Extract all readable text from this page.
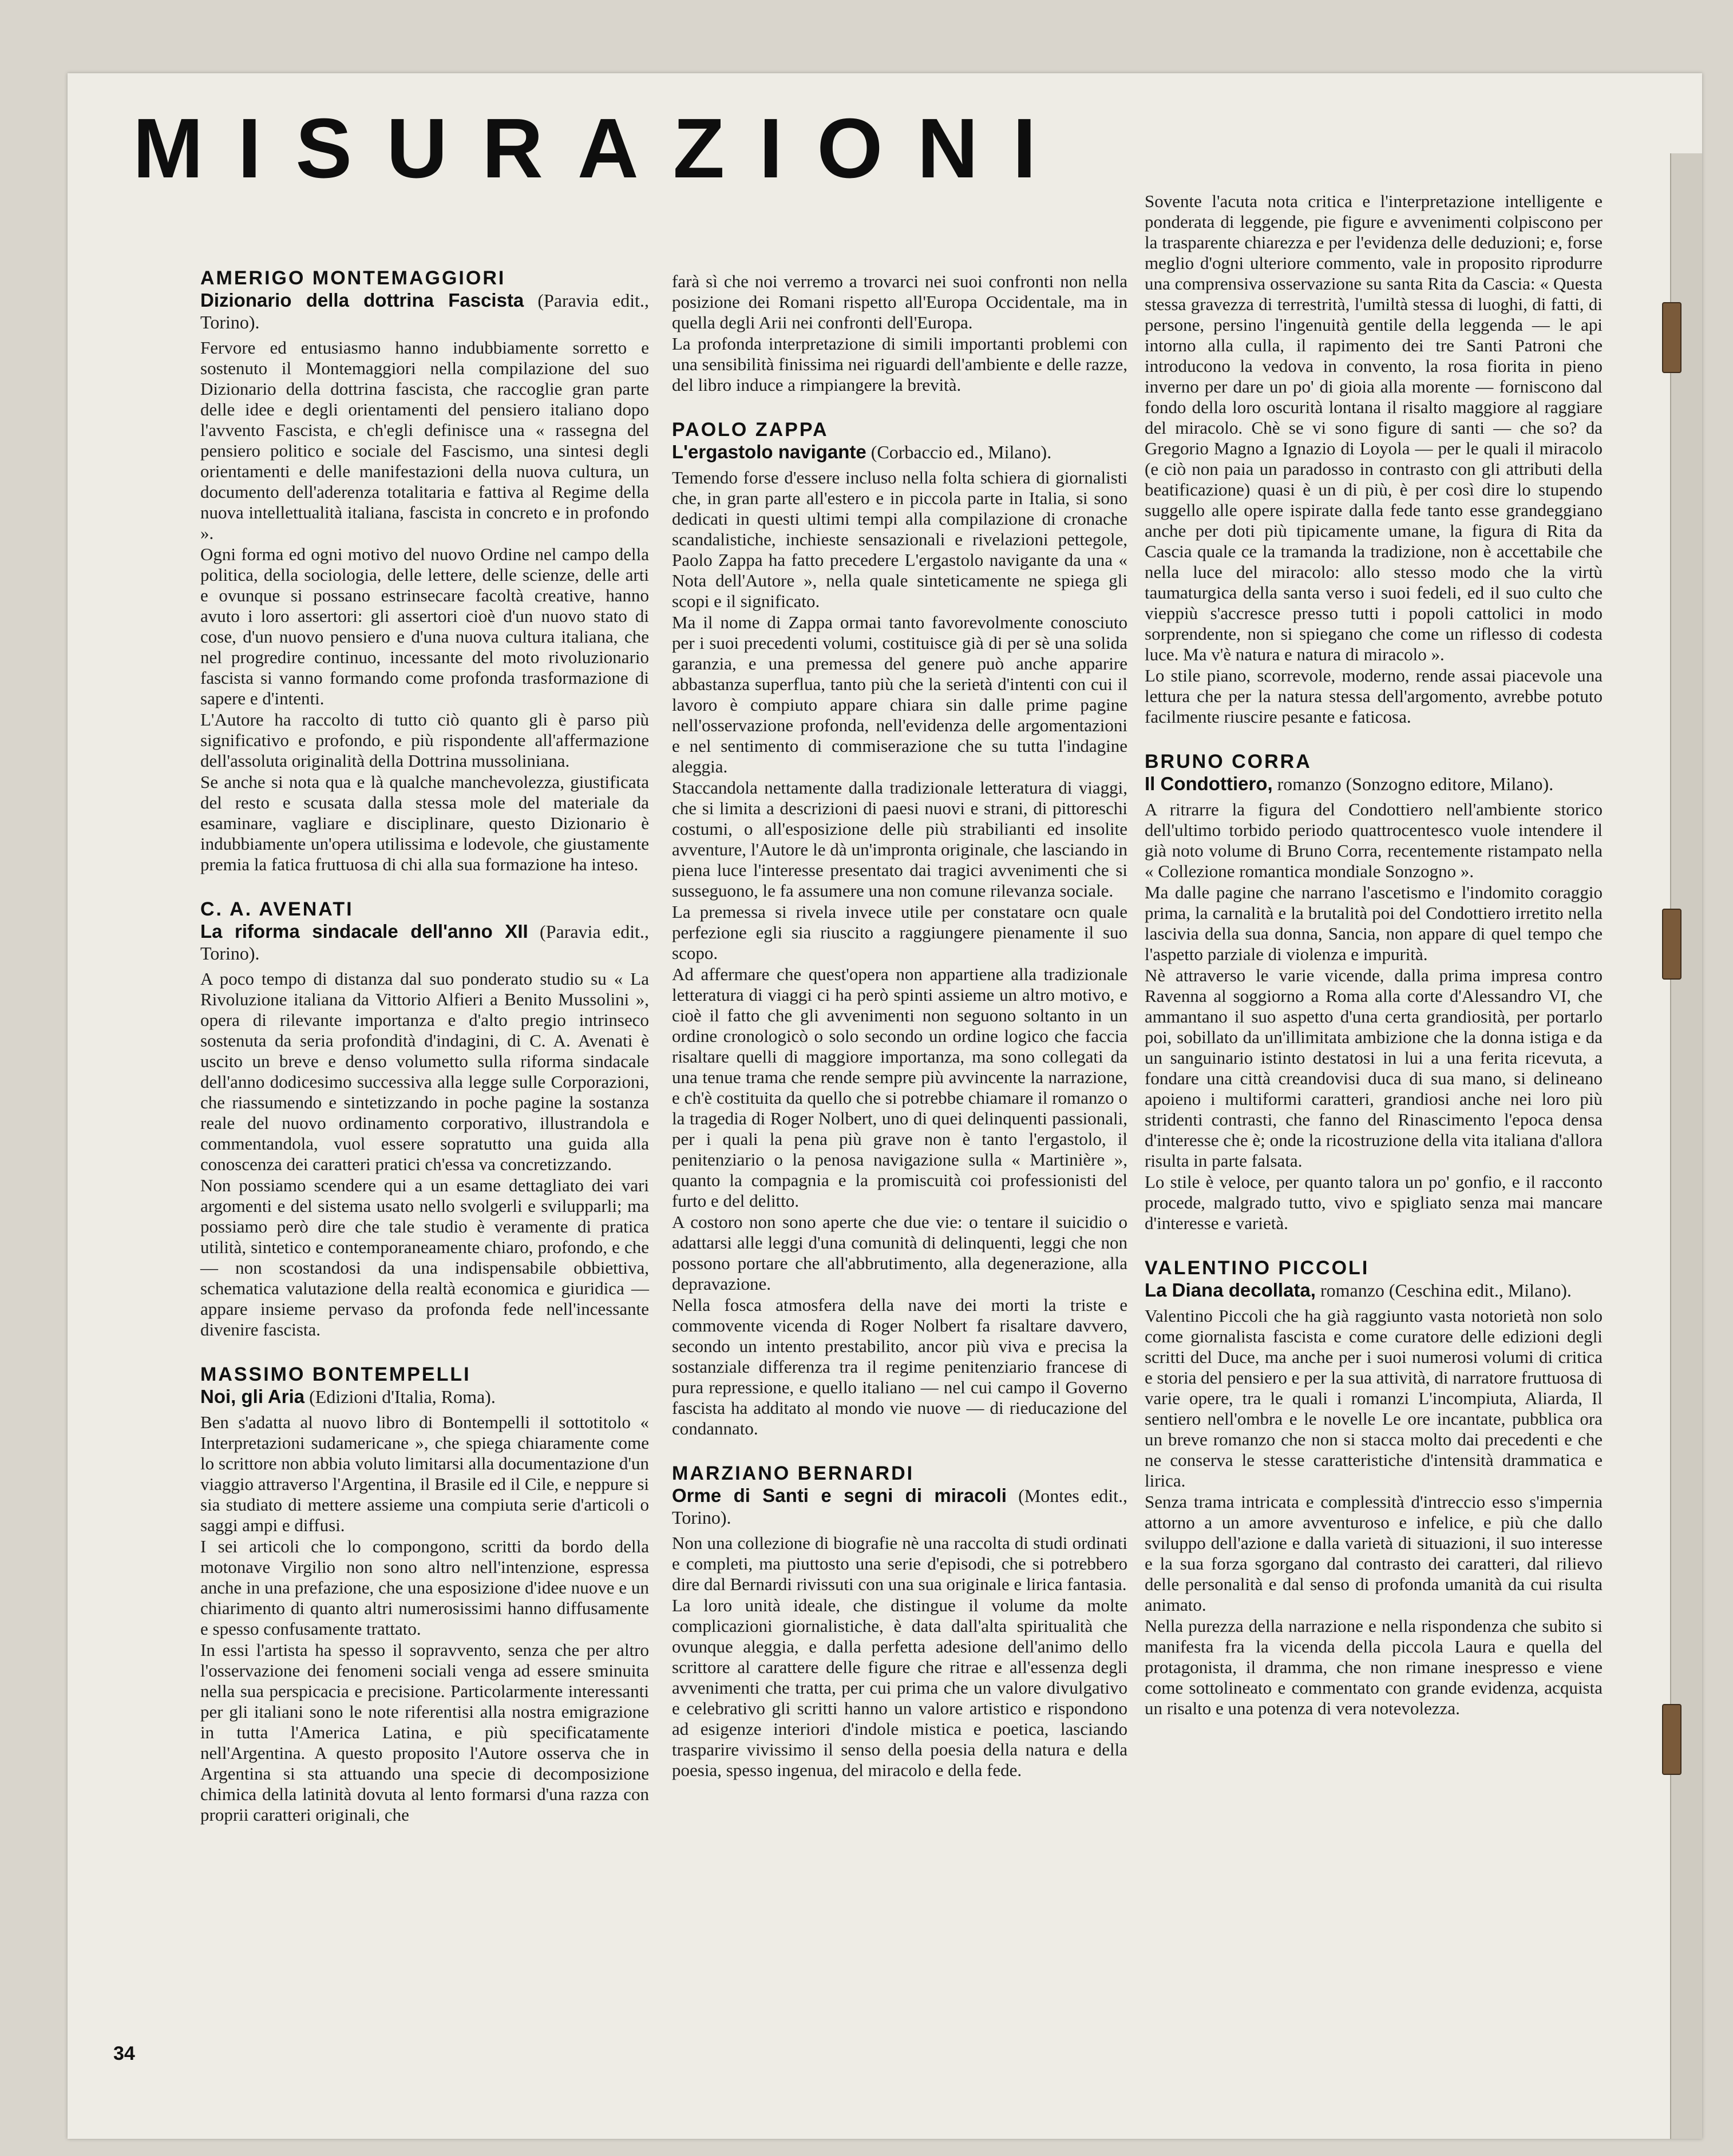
MISURAZIONI
AMERIGO MONTEMAGGIORI
Dizionario della dottrina Fascista (Paravia edit., Torino).

Fervore ed entusiasmo hanno indubbiamente sorretto e sostenuto il Montemaggiori nella compilazione del suo Dizionario della dottrina fascista, che raccoglie gran parte delle idee e degli orientamenti del pensiero italiano dopo l'avvento Fascista, e ch'egli definisce una « rassegna del pensiero politico e sociale del Fascismo, una sintesi degli orientamenti e delle manifestazioni della nuova cultura, un documento dell'aderenza totalitaria e fattiva al Regime della nuova intellettualità italiana, fascista in concreto e in profondo ».

Ogni forma ed ogni motivo del nuovo Ordine nel campo della politica, della sociologia, delle lettere, delle scienze, delle arti e ovunque si possano estrinsecare facoltà creative, hanno avuto i loro assertori: gli assertori cioè d'un nuovo stato di cose, d'un nuovo pensiero e d'una nuova cultura italiana, che nel progredire continuo, incessante del moto rivoluzionario fascista si vanno formando come profonda trasformazione di sapere e d'intenti.

L'Autore ha raccolto di tutto ciò quanto gli è parso più significativo e profondo, e più rispondente all'affermazione dell'assoluta originalità della Dottrina mussoliniana.

Se anche si nota qua e là qualche manchevolezza, giustificata del resto e scusata dalla stessa mole del materiale da esaminare, vagliare e disciplinare, questo Dizionario è indubbiamente un'opera utilissima e lodevole, che giustamente premia la fatica fruttuosa di chi alla sua formazione ha inteso.

C. A. AVENATI
La riforma sindacale dell'anno XII (Paravia edit., Torino).

A poco tempo di distanza dal suo ponderato studio su « La Rivoluzione italiana da Vittorio Alfieri a Benito Mussolini », opera di rilevante importanza e d'alto pregio intrinseco sostenuta da seria profondità d'indagini, di C. A. Avenati è uscito un breve e denso volumetto sulla riforma sindacale dell'anno dodicesimo successiva alla legge sulle Corporazioni, che riassumendo e sintetizzando in poche pagine la sostanza reale del nuovo ordinamento corporativo, illustrandola e commentandola, vuol essere sopratutto una guida alla conoscenza dei caratteri pratici ch'essa va concretizzando.

Non possiamo scendere qui a un esame dettagliato dei vari argomenti e del sistema usato nello svolgerli e svilupparli; ma possiamo però dire che tale studio è veramente di pratica utilità, sintetico e contemporaneamente chiaro, profondo, e che — non scostandosi da una indispensabile obbiettiva, schematica valutazione della realtà economica e giuridica — appare insieme pervaso da profonda fede nell'incessante divenire fascista.

MASSIMO BONTEMPELLI
Noi, gli Aria (Edizioni d'Italia, Roma).

Ben s'adatta al nuovo libro di Bontempelli il sottotitolo « Interpretazioni sudamericane », che spiega chiaramente come lo scrittore non abbia voluto limitarsi alla documentazione d'un viaggio attraverso l'Argentina, il Brasile ed il Cile, e neppure si sia studiato di mettere assieme una compiuta serie d'articoli o saggi ampi e diffusi.

I sei articoli che lo compongono, scritti da bordo della motonave Virgilio non sono altro nell'intenzione, espressa anche in una prefazione, che una esposizione d'idee nuove e un chiarimento di quanto altri numerosissimi hanno diffusamente e spesso confusamente trattato.

In essi l'artista ha spesso il sopravvento, senza che per altro l'osservazione dei fenomeni sociali venga ad essere sminuita nella sua perspicacia e precisione. Particolarmente interessanti per gli italiani sono le note riferentisi alla nostra emigrazione in tutta l'America Latina, e più specificatamente nell'Argentina. A questo proposito l'Autore osserva che in Argentina si sta attuando una specie di decomposizione chimica della latinità dovuta al lento formarsi d'una razza con proprii caratteri originali, che

farà sì che noi verremo a trovarci nei suoi confronti non nella posizione dei Romani rispetto all'Europa Occidentale, ma in quella degli Arii nei confronti dell'Europa.

La profonda interpretazione di simili importanti problemi con una sensibilità finissima nei riguardi dell'ambiente e delle razze, del libro induce a rimpiangere la brevità.

PAOLO ZAPPA
L'ergastolo navigante (Corbaccio ed., Milano).

Temendo forse d'essere incluso nella folta schiera di giornalisti che, in gran parte all'estero e in piccola parte in Italia, si sono dedicati in questi ultimi tempi alla compilazione di cronache scandalistiche, inchieste sensazionali e rivelazioni pettegole, Paolo Zappa ha fatto precedere L'ergastolo navigante da una « Nota dell'Autore », nella quale sinteticamente ne spiega gli scopi e il significato.

Ma il nome di Zappa ormai tanto favorevolmente conosciuto per i suoi precedenti volumi, costituisce già di per sè una solida garanzia, e una premessa del genere può anche apparire abbastanza superflua, tanto più che la serietà d'intenti con cui il lavoro è compiuto appare chiara sin dalle prime pagine nell'osservazione profonda, nell'evidenza delle argomentazioni e nel sentimento di commiserazione che su tutta l'indagine aleggia.

Staccandola nettamente dalla tradizionale letteratura di viaggi, che si limita a descrizioni di paesi nuovi e strani, di pittoreschi costumi, o all'esposizione delle più strabilianti ed insolite avventure, l'Autore le dà un'impronta originale, che lasciando in piena luce l'interesse presentato dai tragici avvenimenti che si susseguono, le fa assumere una non comune rilevanza sociale.

La premessa si rivela invece utile per constatare ocn quale perfezione egli sia riuscito a raggiungere pienamente il suo scopo.

Ad affermare che quest'opera non appartiene alla tradizionale letteratura di viaggi ci ha però spinti assieme un altro motivo, e cioè il fatto che gli avvenimenti non seguono soltanto in un ordine cronologicò o solo secondo un ordine logico che faccia risaltare quelli di maggiore importanza, ma sono collegati da una tenue trama che rende sempre più avvincente la narrazione, e ch'è costituita da quello che si potrebbe chiamare il romanzo o la tragedia di Roger Nolbert, uno di quei delinquenti passionali, per i quali la pena più grave non è tanto l'ergastolo, il penitenziario o la penosa navigazione sulla « Martinière », quanto la compagnia e la promiscuità coi professionisti del furto e del delitto.

A costoro non sono aperte che due vie: o tentare il suicidio o adattarsi alle leggi d'una comunità di delinquenti, leggi che non possono portare che all'abbrutimento, alla degenerazione, alla depravazione.

Nella fosca atmosfera della nave dei morti la triste e commovente vicenda di Roger Nolbert fa risaltare davvero, secondo un intento prestabilito, ancor più viva e precisa la sostanziale differenza tra il regime penitenziario francese di pura repressione, e quello italiano — nel cui campo il Governo fascista ha additato al mondo vie nuove — di rieducazione del condannato.

MARZIANO BERNARDI
Orme di Santi e segni di miracoli (Montes edit., Torino).

Non una collezione di biografie nè una raccolta di studi ordinati e completi, ma piuttosto una serie d'episodi, che si potrebbero dire dal Bernardi rivissuti con una sua originale e lirica fantasia.

La loro unità ideale, che distingue il volume da molte complicazioni giornalistiche, è data dall'alta spiritualità che ovunque aleggia, e dalla perfetta adesione dell'animo dello scrittore al carattere delle figure che ritrae e all'essenza degli avvenimenti che tratta, per cui prima che un valore divulgativo e celebrativo gli scritti hanno un valore artistico e rispondono ad esigenze interiori d'indole mistica e poetica, lasciando trasparire vivissimo il senso della poesia della natura e della poesia, spesso ingenua, del miracolo e della fede.

Sovente l'acuta nota critica e l'interpretazione intelligente e ponderata di leggende, pie figure e avvenimenti colpiscono per la trasparente chiarezza e per l'evidenza delle deduzioni; e, forse meglio d'ogni ulteriore commento, vale in proposito riprodurre una comprensiva osservazione su santa Rita da Cascia: « Questa stessa gravezza di terrestrità, l'umiltà stessa di luoghi, di fatti, di persone, persino l'ingenuità gentile della leggenda — le api intorno alla culla, il rapimento dei tre Santi Patroni che introducono la vedova in convento, la rosa fiorita in pieno inverno per dare un po' di gioia alla morente — forniscono dal fondo della loro oscurità lontana il risalto maggiore al raggiare del miracolo. Chè se vi sono figure di santi — che so? da Gregorio Magno a Ignazio di Loyola — per le quali il miracolo (e ciò non paia un paradosso in contrasto con gli attributi della beatificazione) quasi è un di più, è per così dire lo stupendo suggello alle opere ispirate dalla fede tanto esse grandeggiano anche per doti più tipicamente umane, la figura di Rita da Cascia quale ce la tramanda la tradizione, non è accettabile che nella luce del miracolo: allo stesso modo che la virtù taumaturgica della santa verso i suoi fedeli, ed il suo culto che vieppiù s'accresce presso tutti i popoli cattolici in modo sorprendente, non si spiegano che come un riflesso di codesta luce. Ma v'è natura e natura di miracolo ».

Lo stile piano, scorrevole, moderno, rende assai piacevole una lettura che per la natura stessa dell'argomento, avrebbe potuto facilmente riuscire pesante e faticosa.

BRUNO CORRA
Il Condottiero, romanzo (Sonzogno editore, Milano).

A ritrarre la figura del Condottiero nell'ambiente storico dell'ultimo torbido periodo quattrocentesco vuole intendere il già noto volume di Bruno Corra, recentemente ristampato nella « Collezione romantica mondiale Sonzogno ».

Ma dalle pagine che narrano l'ascetismo e l'indomito coraggio prima, la carnalità e la brutalità poi del Condottiero irretito nella lascivia della sua donna, Sancia, non appare di quel tempo che l'aspetto parziale di violenza e impurità.

Nè attraverso le varie vicende, dalla prima impresa contro Ravenna al soggiorno a Roma alla corte d'Alessandro VI, che ammantano il suo aspetto d'una certa grandiosità, per portarlo poi, sobillato da un'illimitata ambizione che la donna istiga e da un sanguinario istinto destatosi in lui a una ferita ricevuta, a fondare una città creandovisi duca di sua mano, si delineano apoieno i multiformi caratteri, grandiosi anche nei loro più stridenti contrasti, che fanno del Rinascimento l'epoca densa d'interesse che è; onde la ricostruzione della vita italiana d'allora risulta in parte falsata.

Lo stile è veloce, per quanto talora un po' gonfio, e il racconto procede, malgrado tutto, vivo e spigliato senza mai mancare d'interesse e varietà.

VALENTINO PICCOLI
La Diana decollata, romanzo (Ceschina edit., Milano).

Valentino Piccoli che ha già raggiunto vasta notorietà non solo come giornalista fascista e come curatore delle edizioni degli scritti del Duce, ma anche per i suoi numerosi volumi di critica e storia del pensiero e per la sua attività, di narratore fruttuosa di varie opere, tra le quali i romanzi L'incompiuta, Aliarda, Il sentiero nell'ombra e le novelle Le ore incantate, pubblica ora un breve romanzo che non si stacca molto dai precedenti e che ne conserva le stesse caratteristiche d'intensità drammatica e lirica.

Senza trama intricata e complessità d'intreccio esso s'impernia attorno a un amore avventuroso e infelice, e più che dallo sviluppo dell'azione e dalla varietà di situazioni, il suo interesse e la sua forza sgorgano dal contrasto dei caratteri, dal rilievo delle personalità e dal senso di profonda umanità da cui risulta animato.

Nella purezza della narrazione e nella rispondenza che subito si manifesta fra la vicenda della piccola Laura e quella del protagonista, il dramma, che non rimane inespresso e viene come sottolineato e commentato con grande evidenza, acquista un risalto e una potenza di vera notevolezza.

34
